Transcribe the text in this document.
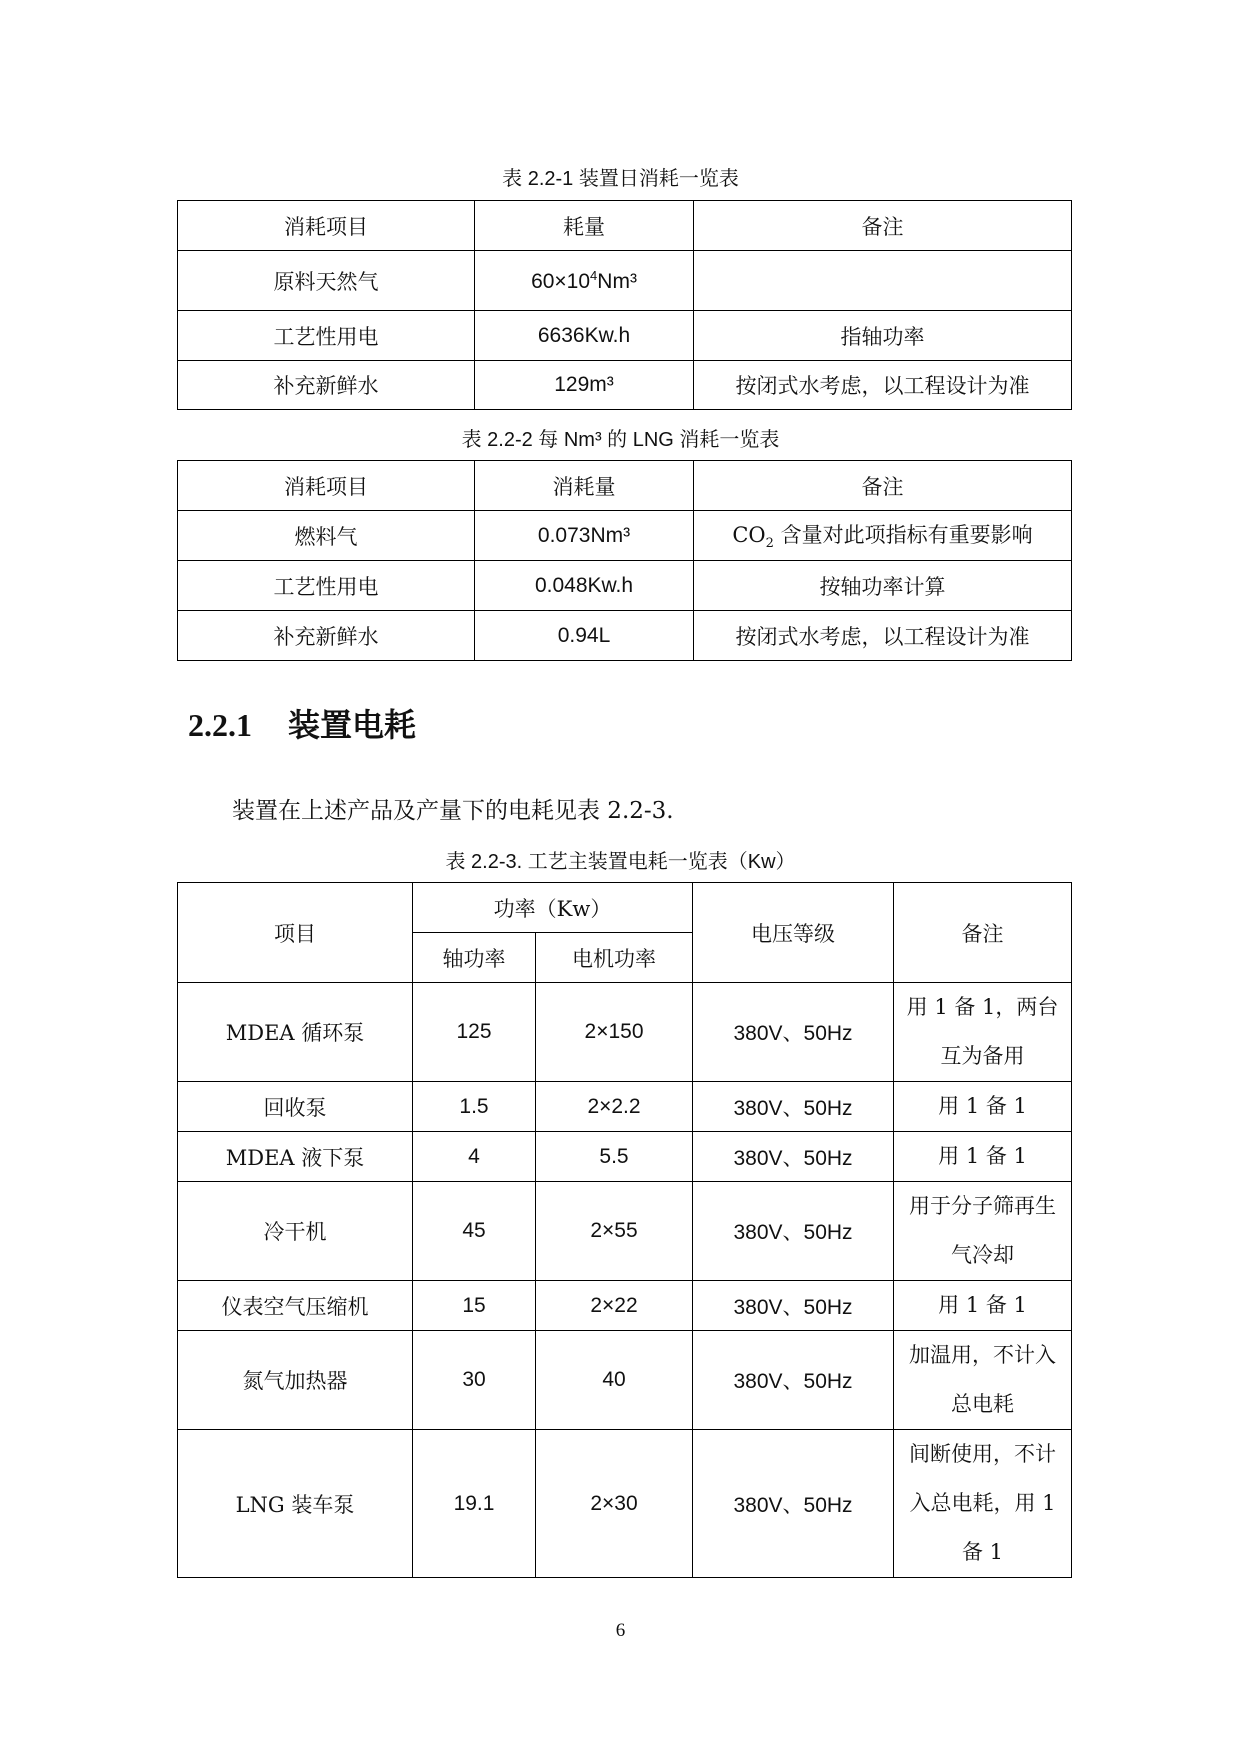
表 2.2-1 装置日消耗一览表
消耗项目	耗量	备注
原料天然气	$60\times 10^4Nm^3$	
工艺性用电	6636Kw.h	指轴功率
补充新鲜水	129m³	按闭式水考虑，以工程设计为准
表 2.2-2 每 Nm³ 的 LNG 消耗一览表
消耗项目	消耗量	备注
燃料气	0.073Nm³	$CO_2$ 含量对此项指标有重要影响
工艺性用电	0.048Kw.h	按轴功率计算
补充新鲜水	0.94L	按闭式水考虑，以工程设计为准
2.2.1 装置电耗
装置在上述产品及产量下的电耗见表 2.2-3.
表 2.2-3. 工艺主装置电耗一览表（Kw）
项目	功率（Kw）		电压等级	备注
	轴功率	电机功率		
MDEA 循环泵	125	2×150	380V、50Hz	用 1 备 1，两台
互为备用

回收泵	1.5	2×2.2	380V、50Hz	用 1 备 1

MDEA 液下泵	4	5.5	380V、50Hz	用 1 备 1

冷干机	45	2×55	380V、50Hz	用于分子筛再生
气冷却

仪表空气压缩机	15	2×22	380V、50Hz	用 1 备 1

氮气加热器	30	40	380V、50Hz	加温用，不计入
总电耗

LNG 装车泵	19.1	2×30	380V、50Hz	间断使用，不计
入总电耗，用 1
备 1
6
